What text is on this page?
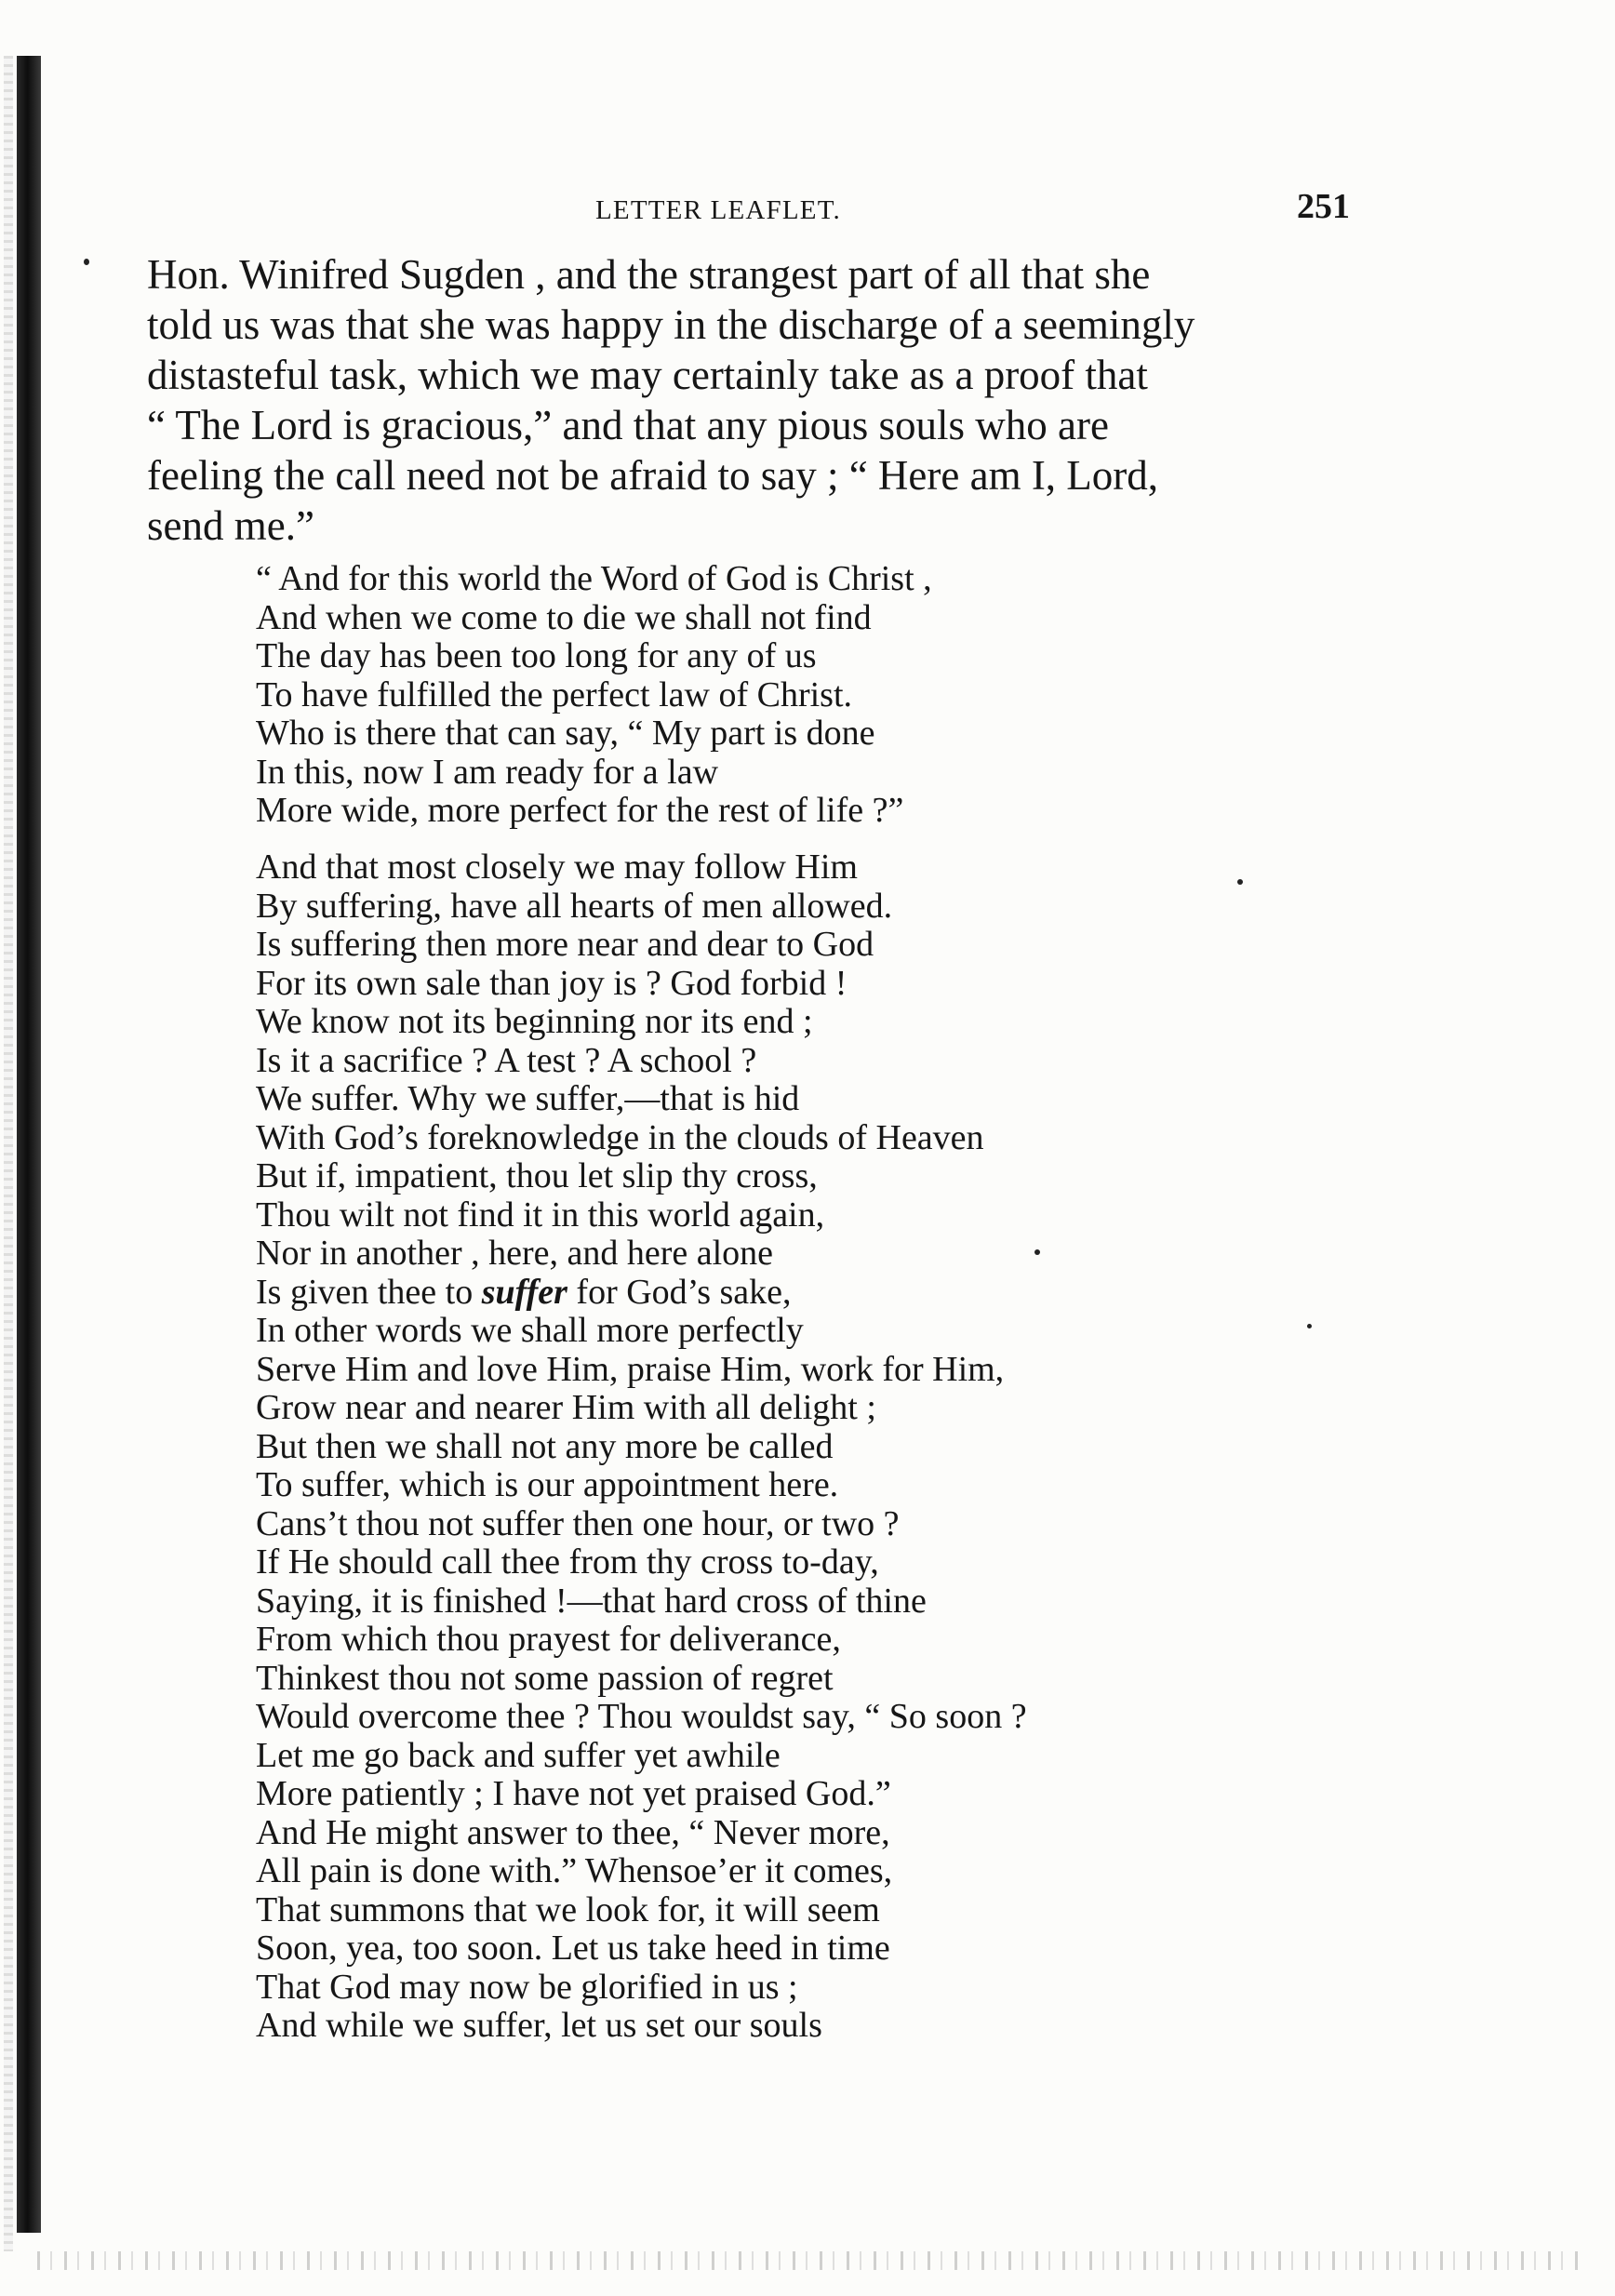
LETTER LEAFLET.	251
Hon. Winifred Sugden , and the strangest part of all that she
told us was that she was happy in the discharge of a seemingly
distasteful task, which we may certainly take as a proof that
“ The Lord is gracious,” and that any pious souls who are
feeling the call need not be afraid to say ; “ Here am I, Lord,
send me.”
“ And for this world the Word of God is Christ ,
And when we come to die we shall not find
The day has been too long for any of us
To have fulfilled the perfect law of Christ.
Who is there that can say, “ My part is done
In this, now I am ready for a law
More wide, more perfect for the rest of life ?”
And that most closely we may follow Him
By suffering, have all hearts of men allowed.
Is suffering then more near and dear to God
For its own sale than joy is ? God forbid !
We know not its beginning nor its end ;
Is it a sacrifice ? A test ? A school ?
We suffer. Why we suffer,—that is hid
With God’s foreknowledge in the clouds of Heaven
But if, impatient, thou let slip thy cross,
Thou wilt not find it in this world again,
Nor in another , here, and here alone
Is given thee to suffer for God’s sake,
In other words we shall more perfectly
Serve Him and love Him, praise Him, work for Him,
Grow near and nearer Him with all delight ;
But then we shall not any more be called
To suffer, which is our appointment here.
Cans’t thou not suffer then one hour, or two ?
If He should call thee from thy cross to-day,
Saying, it is finished !—that hard cross of thine
From which thou prayest for deliverance,
Thinkest thou not some passion of regret
Would overcome thee ? Thou wouldst say, “ So soon ?
Let me go back and suffer yet awhile
More patiently ; I have not yet praised God.”
And He might answer to thee, “ Never more,
All pain is done with.” Whensoe’er it comes,
That summons that we look for, it will seem
Soon, yea, too soon. Let us take heed in time
That God may now be glorified in us ;
And while we suffer, let us set our souls
